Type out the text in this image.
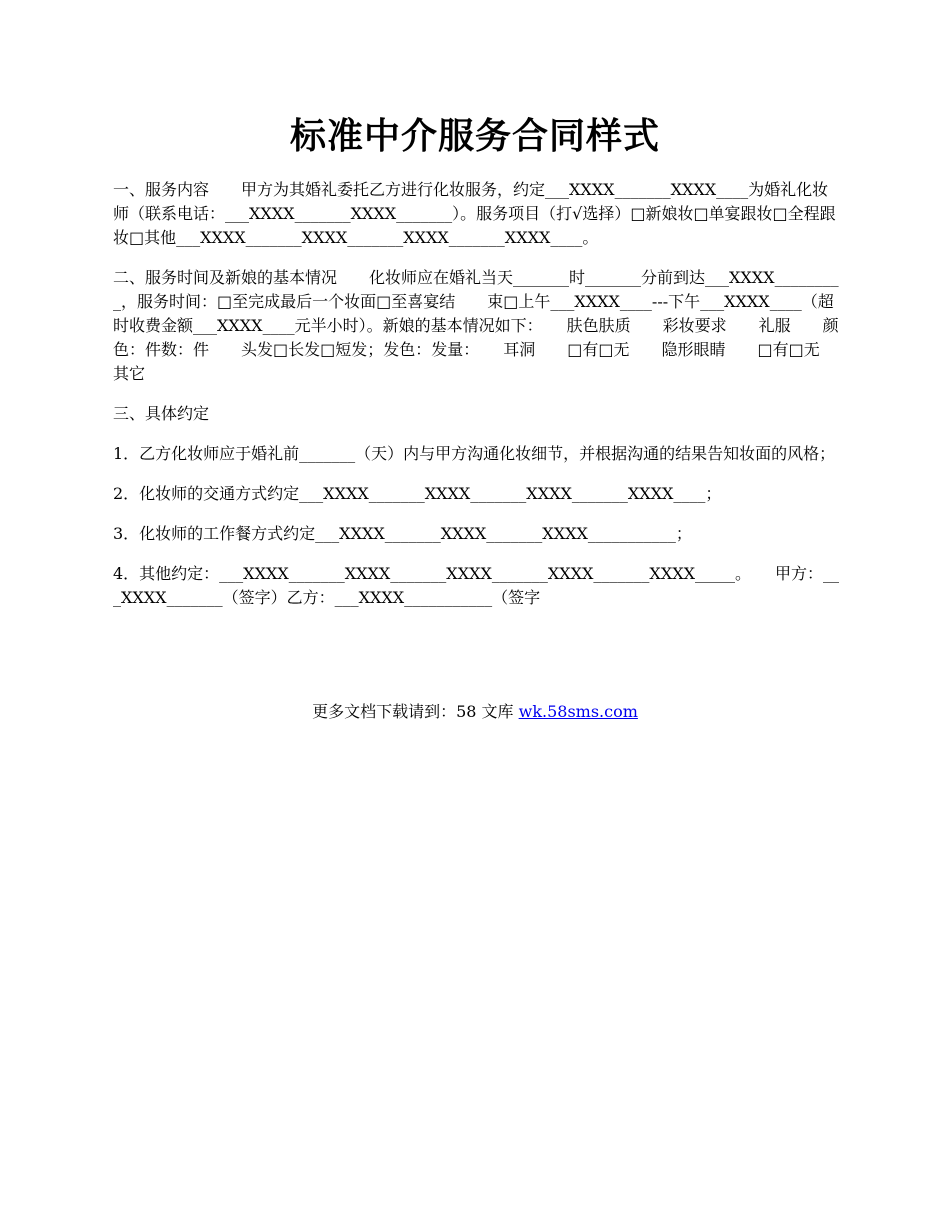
标准中介服务合同样式

一、服务内容　　甲方为其婚礼委托乙方进行化妆服务，约定___XXXX_______XXXX____为婚礼化妆师（联系电话：___XXXX_______XXXX_______）。服务项目（打√选择）□新娘妆□单宴跟妆□全程跟妆□其他___XXXX_______XXXX_______XXXX_______XXXX____。

二、服务时间及新娘的基本情况　　化妆师应在婚礼当天_______时_______分前到达___XXXX_________，服务时间：□至完成最后一个妆面□至喜宴结　　束□上午___XXXX____---下午___XXXX____（超时收费金额___XXXX____元半小时）。新娘的基本情况如下：　　肤色肤质　　彩妆要求　　礼服　　颜色：件数：件　　头发□长发□短发；发色：发量：　　耳洞　　□有□无　　隐形眼睛　　□有□无　　其它

三、具体约定

1．乙方化妆师应于婚礼前_______（天）内与甲方沟通化妆细节，并根据沟通的结果告知妆面的风格；

2．化妆师的交通方式约定___XXXX_______XXXX_______XXXX_______XXXX____；

3．化妆师的工作餐方式约定___XXXX_______XXXX_______XXXX___________；

4．其他约定：___XXXX_______XXXX_______XXXX_______XXXX_______XXXX_____。　　甲方：___XXXX_______（签字）乙方：___XXXX___________（签字

更多文档下载请到：58 文库 wk.58sms.com
